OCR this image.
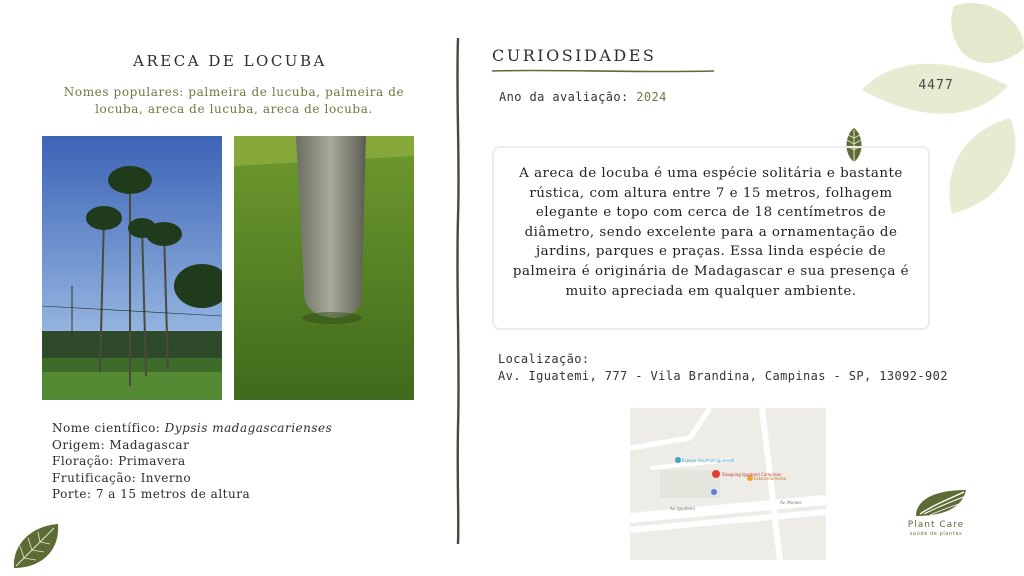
ARECA DE LOCUBA
Nomes populares: palmeira de lucuba, palmeira de locuba, areca de lucuba, areca de locuba.
Nome científico: Dypsis madagascarienses
Origem: Madagascar
Floração: Primavera
Frutificação: Inverno
Porte: 7 a 15 metros de altura
CURIOSIDADES
Ano da avaliação: 2024

A areca de locuba é uma espécie solitária e bastante rústica, com altura entre 7 e 15 metros, folhagem elegante e topo com cerca de 18 centímetros de diâmetro, sendo excelente para a ornamentação de jardins, parques e praças. Essa linda espécie de palmeira é originária de Madagascar e sua presença é muito apreciada em qualquer ambiente.

Localização:
Av. Iguatemi, 777 - Vila Brandina, Campinas - SP, 13092-902
Espaço Gourmet Iguatemi
Shopping Iguatemi Campinas
Estacionamento
Av. Iguatemi
Av. Moraes
4477
Plant Care
saúde de plantas
